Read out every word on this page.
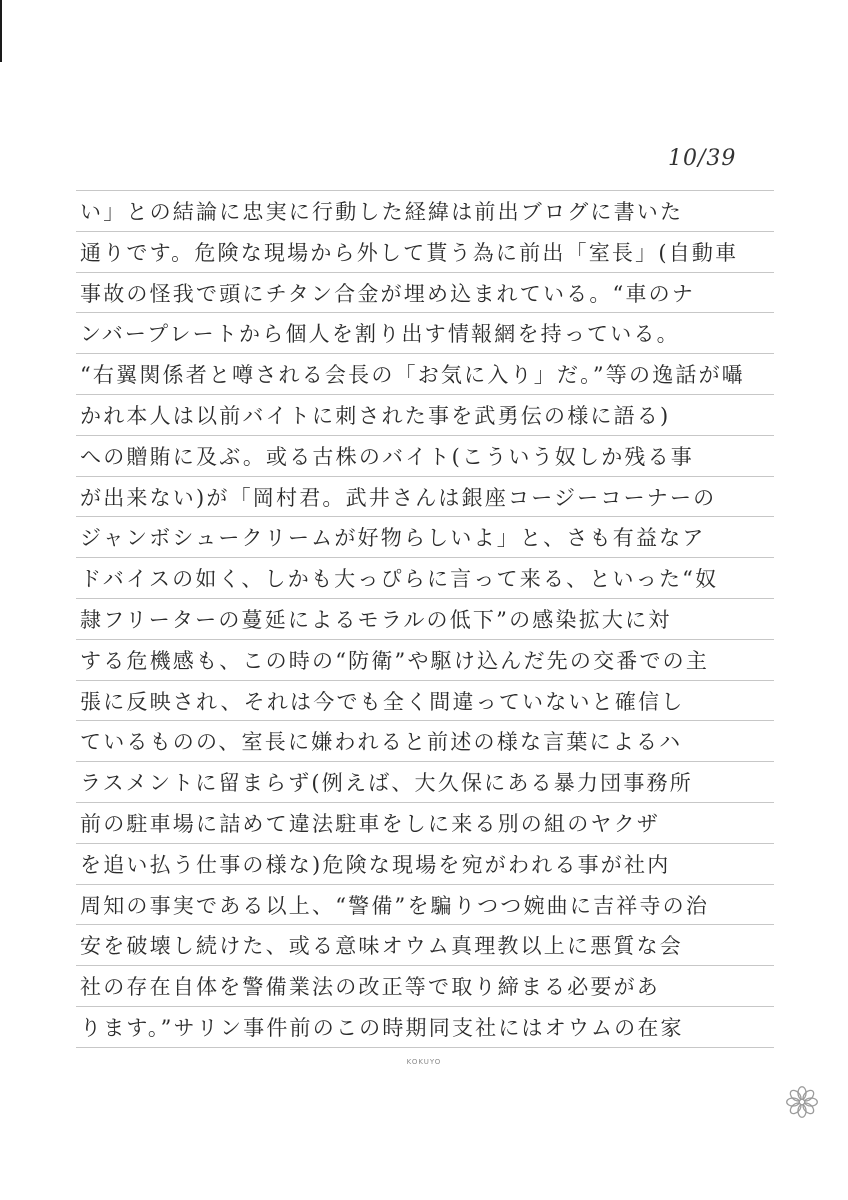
10/39
い」との結論に忠実に行動した経緯は前出ブログに書いた
通りです。危険な現場から外して貰う為に前出「室長」(自動車
事故の怪我で頭にチタン合金が埋め込まれている。“車のナ
ンバープレートから個人を割り出す情報網を持っている。
“右翼関係者と噂される会長の「お気に入り」だ。”等の逸話が囁
かれ本人は以前バイトに刺された事を武勇伝の様に語る)
への贈賄に及ぶ。或る古株のバイト(こういう奴しか残る事
が出来ない)が「岡村君。武井さんは銀座コージーコーナーの
ジャンボシュークリームが好物らしいよ」と、さも有益なア
ドバイスの如く、しかも大っぴらに言って来る、といった“奴
隷フリーターの蔓延によるモラルの低下”の感染拡大に対
する危機感も、この時の“防衛”や駆け込んだ先の交番での主
張に反映され、それは今でも全く間違っていないと確信し
ているものの、室長に嫌われると前述の様な言葉によるハ
ラスメントに留まらず(例えば、大久保にある暴力団事務所
前の駐車場に詰めて違法駐車をしに来る別の組のヤクザ
を追い払う仕事の様な)危険な現場を宛がわれる事が社内
周知の事実である以上、“警備”を騙りつつ婉曲に吉祥寺の治
安を破壊し続けた、或る意味オウム真理教以上に悪質な会
社の存在自体を警備業法の改正等で取り締まる必要があ
ります。”サリン事件前のこの時期同支社にはオウムの在家
KOKUYO
